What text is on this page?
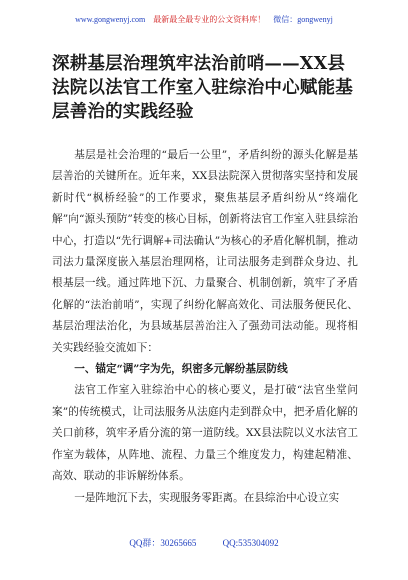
www.gongwenyj.com 最新最全最专业的公文资料库！ 微信：gongwenyj
深耕基层治理筑牢法治前哨——XX县法院以法官工作室入驻综治中心赋能基层善治的实践经验

基层是社会治理的“最后一公里”，矛盾纠纷的源头化解是基层善治的关键所在。近年来，XX县法院深入贯彻落实坚持和发展新时代“枫桥经验”的工作要求，聚焦基层矛盾纠纷从“终端化解”向“源头预防”转变的核心目标，创新将法官工作室入驻县综治中心，打造以“先行调解+司法确认”为核心的矛盾化解机制，推动司法力量深度嵌入基层治理网格，让司法服务走到群众身边、扎根基层一线。通过阵地下沉、力量聚合、机制创新，筑牢了矛盾化解的“法治前哨”，实现了纠纷化解高效化、司法服务便民化、基层治理法治化，为县域基层善治注入了强劲司法动能。现将相关实践经验交流如下：

一、锚定“调”字为先，织密多元解纷基层防线

法官工作室入驻综治中心的核心要义，是打破“法官坐堂问案”的传统模式，让司法服务从法庭内走到群众中，把矛盾化解的关口前移，筑牢矛盾分流的第一道防线。XX县法院以义水法官工作室为载体，从阵地、流程、力量三个维度发力，构建起精准、高效、联动的非诉解纷体系。

一是阵地沉下去，实现服务零距离。在县综治中心设立实

QQ群：30265665	QQ:535304092
